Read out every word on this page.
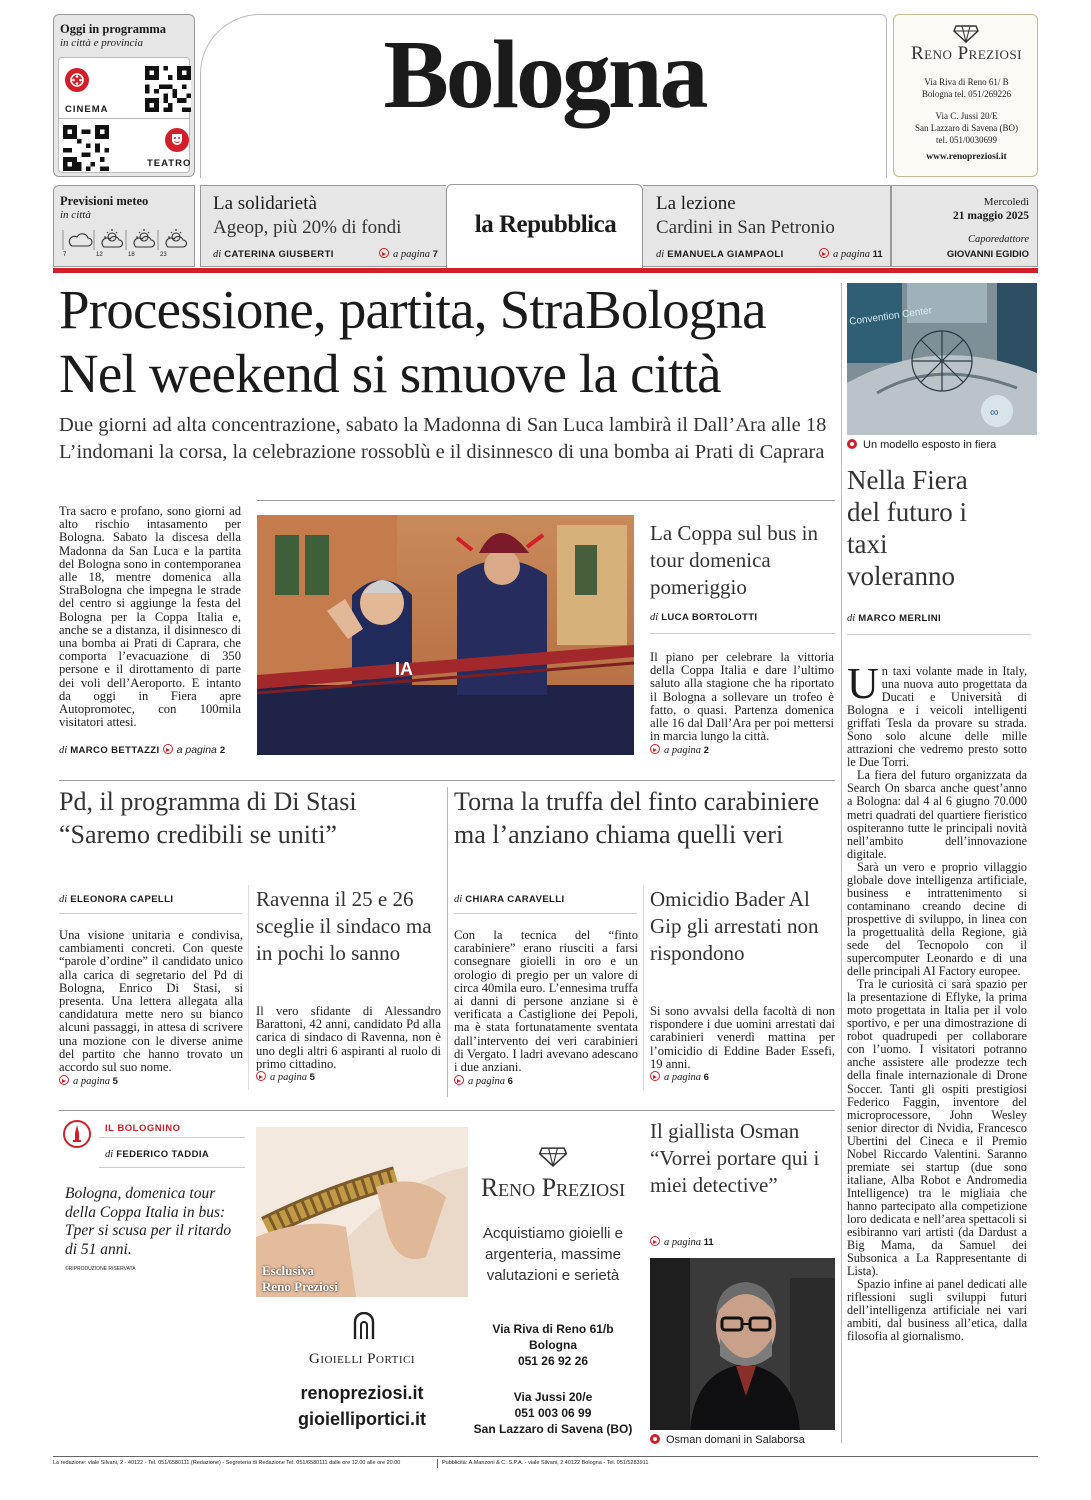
Oggi in programma
in città e provincia
CINEMA
TEATRO
Bologna	Reno Preziosi
Via Riva di Reno 61/ B
Bologna tel. 051/269226
Via C. Jussi 20/E
San Lazzaro di Savena (BO)
tel. 051/0030699
www.renopreziosi.it
Previsioni meteo
in città
7	12	18	23
La solidarietà
Ageop, più 20% di fondi
di CATERINA GIUSBERTI	a pagina 7
la Repubblica
La lezione
Cardini in San Petronio
di EMANUELA GIAMPAOLI	a pagina 11
Mercoledì
21 maggio 2025
Caporedattore
GIOVANNI EGIDIO
Processione, partita, StraBologna
Nel weekend si smuove la città
Due giorni ad alta concentrazione, sabato la Madonna di San Luca lambirà il Dall’Ara alle 18
L’indomani la corsa, la celebrazione rossoblù e il disinnesco di una bomba ai Prati di Caprara
Tra sacro e profano, sono giorni ad alto rischio intasamento per Bologna. Sabato la discesa della Madonna da San Luca e la partita del Bologna sono in contemporanea alle 18, mentre domenica alla StraBologna che impegna le strade del centro si aggiunge la festa del Bologna per la Coppa Italia e, anche se a distanza, il disinnesco di una bomba ai Prati di Caprara, che comporta l’evacuazione di 350 persone e il dirottamento di parte dei voli dell’Aeroporto. E intanto da oggi in Fiera apre Autopromotec, con 100mila visitatori attesi.
di MARCO BETTAZZI a pagina 2
IA
La Coppa sul bus in tour domenica pomeriggio
di LUCA BORTOLOTTI
Il piano per celebrare la vittoria della Coppa Italia e dare l’ultimo saluto alla stagione che ha riportato il Bologna a sollevare un trofeo è fatto, o quasi. Partenza domenica alle 16 dal Dall’Ara per poi mettersi in marcia lungo la città.
a pagina 2
∞
Convention Center
Un modello esposto in fiera
Nella Fiera del futuro i taxi voleranno
di MARCO MERLINI
Un taxi volante made in Italy, una nuova auto progettata da Ducati e Università di Bologna e i veicoli intelligenti griffati Tesla da provare su strada. Sono solo alcune delle mille attrazioni che vedremo presto sotto le Due Torri.
La fiera del futuro organizzata da Search On sbarca anche quest’anno a Bologna: dal 4 al 6 giugno 70.000 metri quadrati del quartiere fieristico ospiteranno tutte le principali novità nell’ambito dell’innovazione digitale.
Sarà un vero e proprio villaggio globale dove intelligenza artificiale, business e intrattenimento si contaminano creando decine di prospettive di sviluppo, in linea con la progettualità della Regione, già sede del Tecnopolo con il supercomputer Leonardo e di una delle principali AI Factory europee.
Tra le curiosità ci sarà spazio per la presentazione di Eflyke, la prima moto progettata in Italia per il volo sportivo, e per una dimostrazione di robot quadrupedi per collaborare con l’uomo. I visitatori potranno anche assistere alle prodezze tech della finale internazionale di Drone Soccer. Tanti gli ospiti prestigiosi Federico Faggin, inventore del microprocessore, John Wesley senior director di Nvidia, Francesco Ubertini del Cineca e il Premio Nobel Riccardo Valentini. Saranno premiate sei startup (due sono italiane, Alba Robot e Andromedia Intelligence) tra le migliaia che hanno partecipato alla competizione loro dedicata e nell’area spettacoli si esibiranno vari artisti (da Dardust a Big Mama, da Samuel dei Subsonica a La Rappresentante di Lista).
Spazio infine ai panel dedicati alle riflessioni sugli sviluppi futuri dell’intelligenza artificiale nei vari ambiti, dal business all’etica, dalla filosofia al giornalismo.
Pd, il programma di Di Stasi
“Saremo credibili se uniti”
di ELEONORA CAPELLI
Una visione unitaria e condivisa, cambiamenti concreti. Con queste “parole d’ordine” il candidato unico alla carica di segretario del Pd di Bologna, Enrico Di Stasi, si presenta. Una lettera allegata alla candidatura mette nero su bianco alcuni passaggi, in attesa di scrivere una mozione con le diverse anime del partito che hanno trovato un accordo sul suo nome.
a pagina 5
Ravenna il 25 e 26 sceglie il sindaco ma in pochi lo sanno
Il vero sfidante di Alessandro Barattoni, 42 anni, candidato Pd alla carica di sindaco di Ravenna, non è uno degli altri 6 aspiranti al ruolo di primo cittadino.
a pagina 5
Torna la truffa del finto carabiniere
ma l’anziano chiama quelli veri
di CHIARA CARAVELLI
Con la tecnica del “finto carabiniere” erano riusciti a farsi consegnare gioielli in oro e un orologio di pregio per un valore di circa 40mila euro. L’ennesima truffa ai danni di persone anziane si è verificata a Castiglione dei Pepoli, ma è stata fortunatamente sventata dall’intervento dei veri carabinieri di Vergato. I ladri avevano adescano i due anziani.
a pagina 6
Omicidio Bader Al Gip gli arrestati non rispondono
Si sono avvalsi della facoltà di non rispondere i due uomini arrestati dai carabinieri venerdì mattina per l’omicidio di Eddine Bader Essefi, 19 anni.
a pagina 6
IL BOLOGNINO
di FEDERICO TADDIA
Bologna, domenica tour della Coppa Italia in bus: Tper si scusa per il ritardo di 51 anni.
©RIPRODUZIONE RISERVATA	Esclusiva
Reno Preziosi
Reno Preziosi
Acquistiamo gioielli e argenteria, massime valutazioni e serietà
Gioielli Portici
renopreziosi.it
gioielliportici.it
Via Riva di Reno 61/b
Bologna
051 26 92 26
Via Jussi 20/e
051 003 06 99
San Lazzaro di Savena (BO)
Il giallista Osman “Vorrei portare qui i miei detective”
a pagina 11
Osman domani in Salaborsa
La redazione: viale Silvani, 2 - 40122 - Tel. 051/6580111 (Redazione) - Segreteria di Redazione Tel. 051/6580111 dalle ore 12.00 alle ore 20.00	Pubblicità: A.Manzoni & C. S.P.A. - viale Silvani, 2 40122 Bologna - Tel. 051/5283911
